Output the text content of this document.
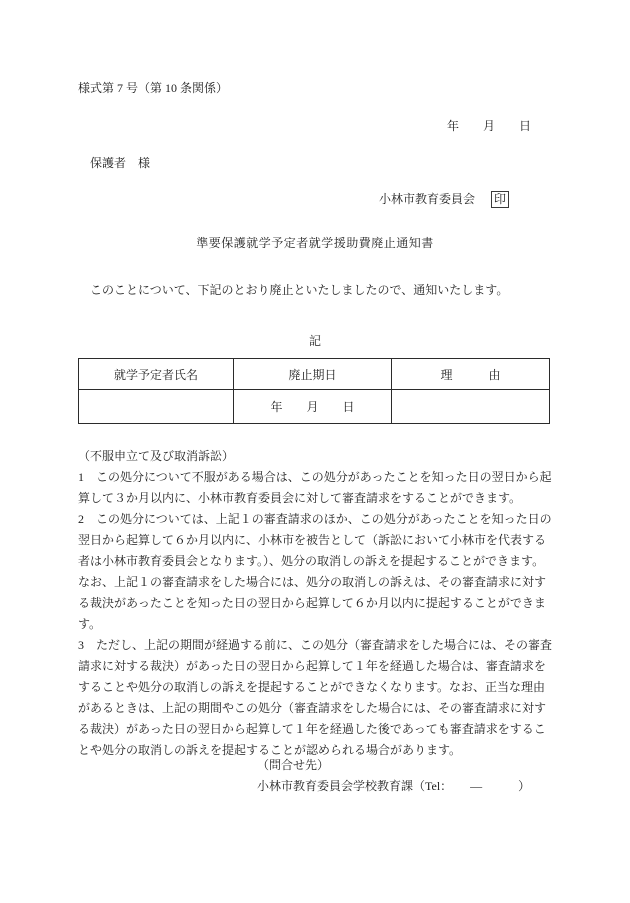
様式第 7 号（第 10 条関係）
年　　月　　日
保護者　様
小林市教育委員会 印
準要保護就学予定者就学援助費廃止通知書
　このことについて、下記のとおり廃止といたしましたので、通知いたします。
記
就学予定者氏名	廃止期日	理　　　由
	年　　月　　日	
（不服申立て及び取消訴訟）
1　この処分について不服がある場合は、この処分があったことを知った日の翌日から起
算して３か月以内に、小林市教育委員会に対して審査請求をすることができます。
2　この処分については、上記１の審査請求のほか、この処分があったことを知った日の
翌日から起算して６か月以内に、小林市を被告として（訴訟において小林市を代表する
者は小林市教育委員会となります。）、処分の取消しの訴えを提起することができます。
なお、上記１の審査請求をした場合には、処分の取消しの訴えは、その審査請求に対す
る裁決があったことを知った日の翌日から起算して６か月以内に提起することができま
す。
3　ただし、上記の期間が経過する前に、この処分（審査請求をした場合には、その審査
請求に対する裁決）があった日の翌日から起算して１年を経過した場合は、審査請求を
することや処分の取消しの訴えを提起することができなくなります。なお、正当な理由
があるときは、上記の期間やこの処分（審査請求をした場合には、その審査請求に対す
る裁決）があった日の翌日から起算して１年を経過した後であっても審査請求をするこ
とや処分の取消しの訴えを提起することが認められる場合があります。
（問合せ先）
小林市教育委員会学校教育課（Tel：　　—　　　）
